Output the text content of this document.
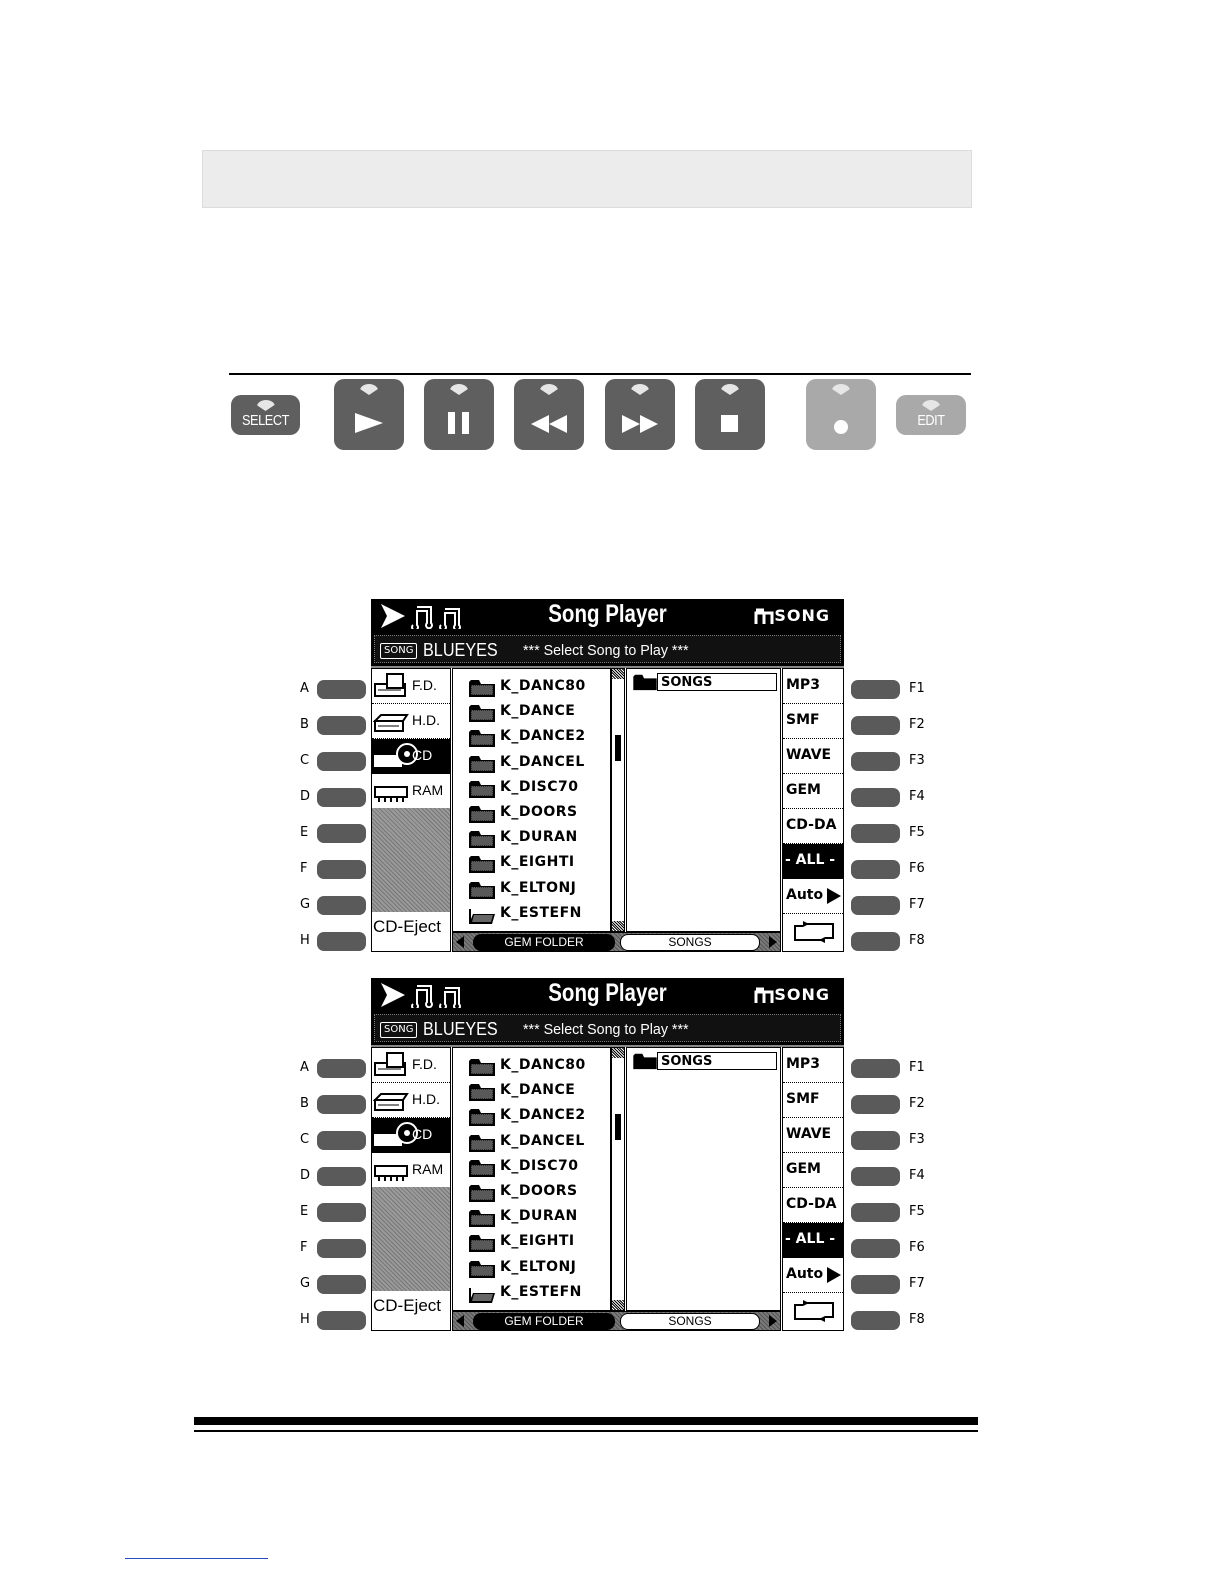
SELECT	EDIT
Song Player	SONG
SONG BLUEYES *** Select Song to Play ***
F.D.
H.D.
CD
RAM
CD-Eject
K_DANC80
K_DANCE
K_DANCE2
K_DANCEL
K_DISC70
K_DOORS
K_DURAN
K_EIGHTI
K_ELTONJ
K_ESTEFN
SONGS	MP3
SMF
WAVE
GEM
CD-DA
- ALL -
Auto
GEM FOLDER	SONGS
A
B
C
D
E
F
G
H
F1
F2
F3
F4
F5
F6
F7
F8
Song Player	SONG
SONG BLUEYES *** Select Song to Play ***
F.D.
H.D.
CD
RAM
CD-Eject
K_DANC80
K_DANCE
K_DANCE2
K_DANCEL
K_DISC70
K_DOORS
K_DURAN
K_EIGHTI
K_ELTONJ
K_ESTEFN
SONGS	MP3
SMF
WAVE
GEM
CD-DA
- ALL -
Auto
GEM FOLDER	SONGS
A
B
C
D
E
F
G
H
F1
F2
F3
F4
F5
F6
F7
F8
